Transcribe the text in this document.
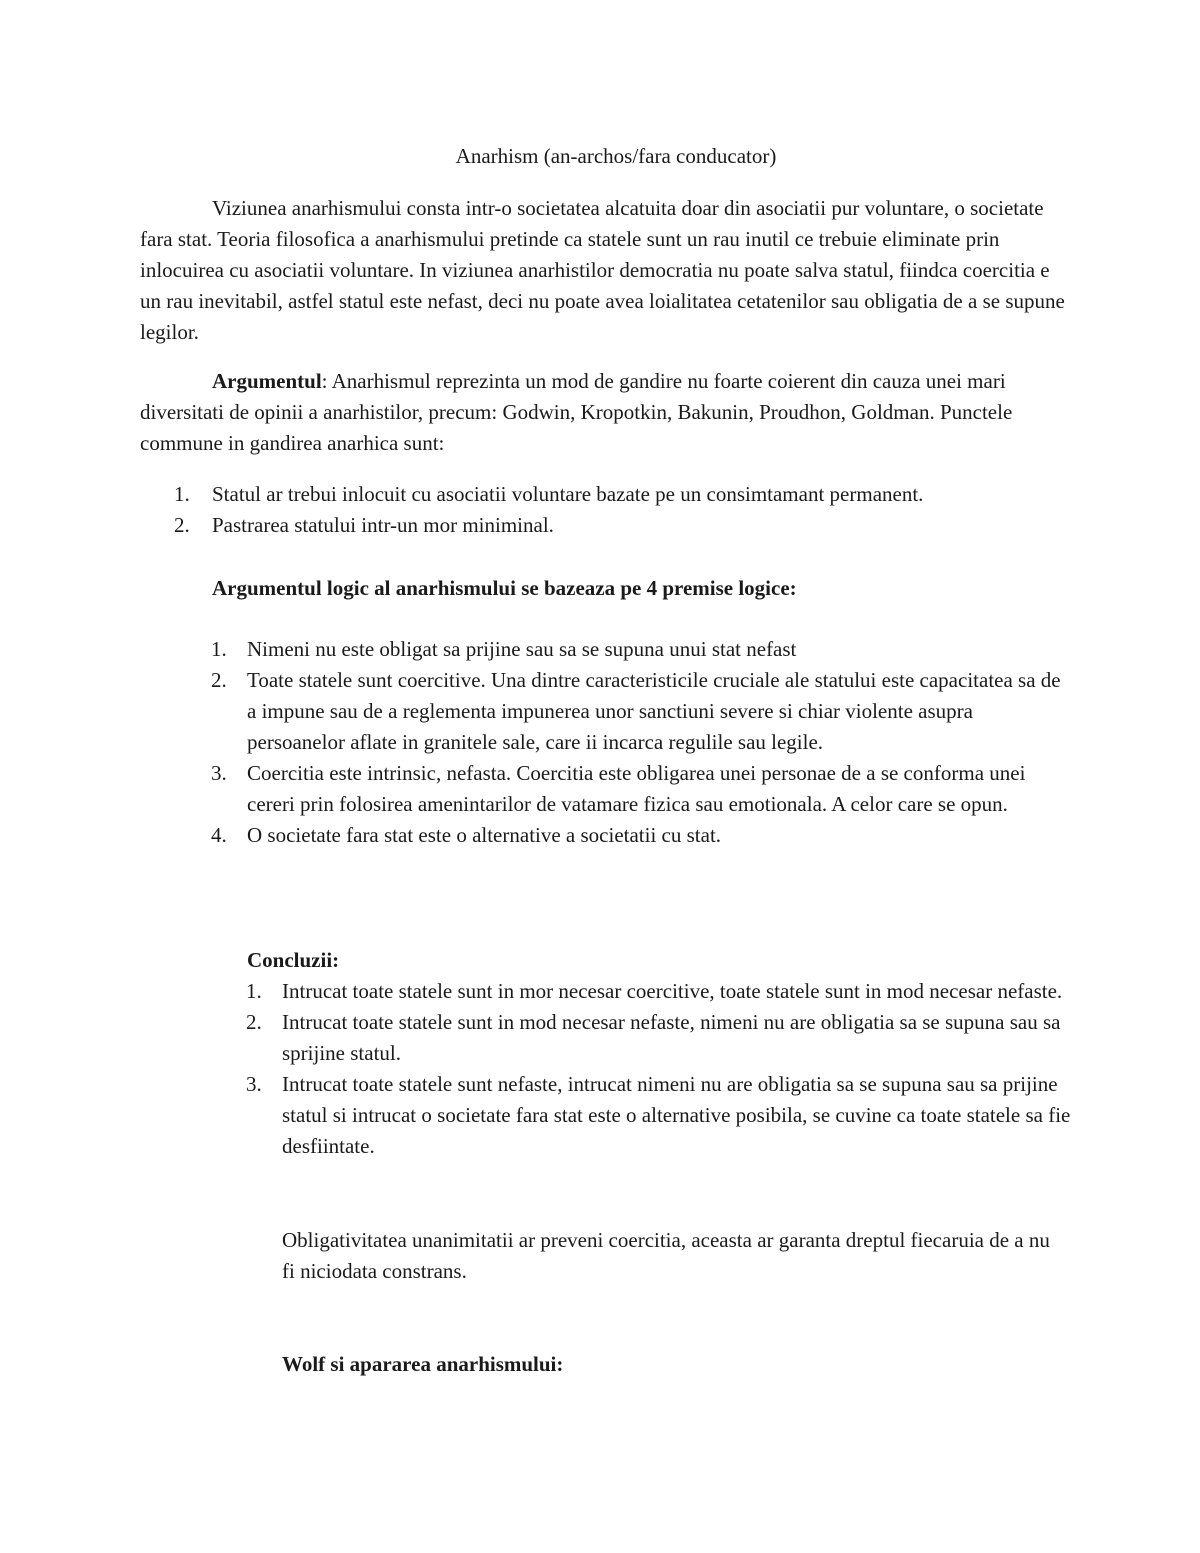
Anarhism (an-archos/fara conducator)

Viziunea anarhismului consta intr-o societatea alcatuita doar din asociatii pur voluntare, o societate fara stat. Teoria filosofica a anarhismului pretinde ca statele sunt un rau inutil ce trebuie eliminate prin inlocuirea cu asociatii voluntare. In viziunea anarhistilor democratia nu poate salva statul, fiindca coercitia e un rau inevitabil, astfel statul este nefast, deci nu poate avea loialitatea cetatenilor sau obligatia de a se supune legilor.

Argumentul: Anarhismul reprezinta un mod de gandire nu foarte coierent din cauza unei mari diversitati de opinii a anarhistilor, precum: Godwin, Kropotkin, Bakunin, Proudhon, Goldman. Punctele commune in gandirea anarhica sunt:

1. Statul ar trebui inlocuit cu asociatii voluntare bazate pe un consimtamant permanent.
2. Pastrarea statului intr-un mor miniminal.
Argumentul logic al anarhismului se bazeaza pe 4 premise logice:
1. Nimeni nu este obligat sa prijine sau sa se supuna unui stat nefast
2. Toate statele sunt coercitive. Una dintre caracteristicile cruciale ale statului este capacitatea sa de a impune sau de a reglementa impunerea unor sanctiuni severe si chiar violente asupra persoanelor aflate in granitele sale, care ii incarca regulile sau legile.
3. Coercitia este intrinsic, nefasta. Coercitia este obligarea unei personae de a se conforma unei cereri prin folosirea amenintarilor de vatamare fizica sau emotionala. A celor care se opun.
4. O societate fara stat este o alternative a societatii cu stat.
Concluzii:
1. Intrucat toate statele sunt in mor necesar coercitive, toate statele sunt in mod necesar nefaste.
2. Intrucat toate statele sunt in mod necesar nefaste, nimeni nu are obligatia sa se supuna sau sa sprijine statul.
3. Intrucat toate statele sunt nefaste, intrucat nimeni nu are obligatia sa se supuna sau sa prijine statul si intrucat o societate fara stat este o alternative posibila, se cuvine ca toate statele sa fie desfiintate.

Obligativitatea unanimitatii ar preveni coercitia, aceasta ar garanta dreptul fiecaruia de a nu fi niciodata constrans.

Wolf si apararea anarhismului:
